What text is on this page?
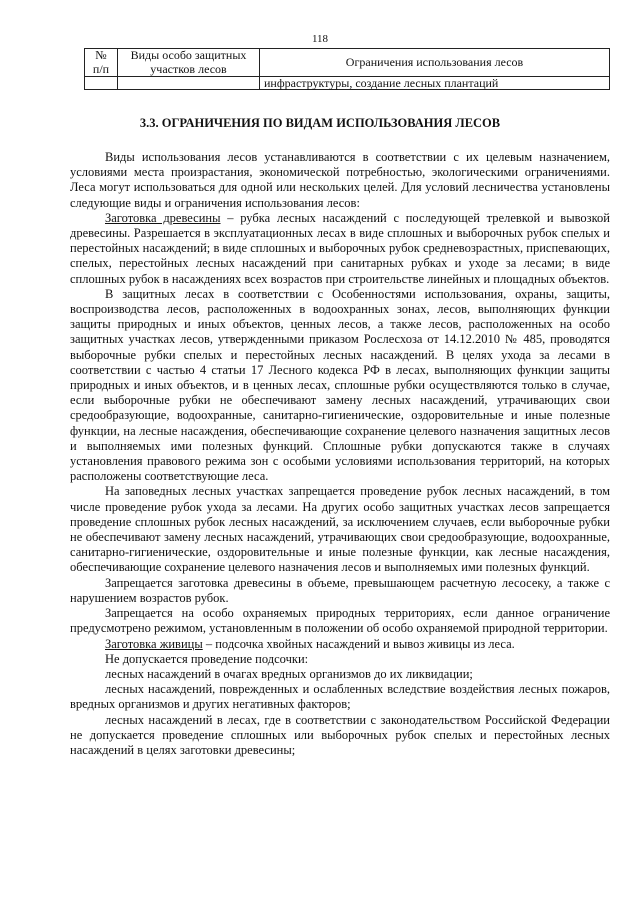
118
№ п/п	Виды особо защитных участков лесов	Ограничения использования лесов
		инфраструктуры, создание лесных плантаций
3.3. ОГРАНИЧЕНИЯ ПО ВИДАМ ИСПОЛЬЗОВАНИЯ ЛЕСОВ

Виды использования лесов устанавливаются в соответствии с их целевым назначением, условиями места произрастания, экономической потребностью, экологическими ограничениями. Леса могут использоваться для одной или нескольких целей. Для условий лесничества установлены следующие виды и ограничения использования лесов:

Заготовка древесины – рубка лесных насаждений с последующей трелевкой и вывозкой древесины. Разрешается в эксплуатационных лесах в виде сплошных и выборочных рубок спелых и перестойных насаждений; в виде сплошных и выборочных рубок средневозрастных, приспевающих, спелых, перестойных лесных насаждений при санитарных рубках и уходе за лесами; в виде сплошных рубок в насаждениях всех возрастов при строительстве линейных и площадных объектов.

В защитных лесах в соответствии с Особенностями использования, охраны, защиты, воспроизводства лесов, расположенных в водоохранных зонах, лесов, выполняющих функции защиты природных и иных объектов, ценных лесов, а также лесов, расположенных на особо защитных участках лесов, утвержденными приказом Рослесхоза от 14.12.2010 № 485, проводятся выборочные рубки спелых и перестойных лесных насаждений. В целях ухода за лесами в соответствии с частью 4 статьи 17 Лесного кодекса РФ в лесах, выполняющих функции защиты природных и иных объектов, и в ценных лесах, сплошные рубки осуществляются только в случае, если выборочные рубки не обеспечивают замену лесных насаждений, утрачивающих свои средообразующие, водоохранные, санитарно-гигиенические, оздоровительные и иные полезные функции, на лесные насаждения, обеспечивающие сохранение целевого назначения защитных лесов и выполняемых ими полезных функций. Сплошные рубки допускаются также в случаях установления правового режима зон с особыми условиями использования территорий, на которых расположены соответствующие леса.

На заповедных лесных участках запрещается проведение рубок лесных насаждений, в том числе проведение рубок ухода за лесами. На других особо защитных участках лесов запрещается проведение сплошных рубок лесных насаждений, за исключением случаев, если выборочные рубки не обеспечивают замену лесных насаждений, утрачивающих свои средообразующие, водоохранные, санитарно-гигиенические, оздоровительные и иные полезные функции, как лесные насаждения, обеспечивающие сохранение целевого назначения лесов и выполняемых ими полезных функций.

Запрещается заготовка древесины в объеме, превышающем расчетную лесосеку, а также с нарушением возрастов рубок.

Запрещается на особо охраняемых природных территориях, если данное ограничение предусмотрено режимом, установленным в положении об особо охраняемой природной территории.

Заготовка живицы – подсочка хвойных насаждений и вывоз живицы из леса.

Не допускается проведение подсочки:

лесных насаждений в очагах вредных организмов до их ликвидации;

лесных насаждений, поврежденных и ослабленных вследствие воздействия лесных пожаров, вредных организмов и других негативных факторов;

лесных насаждений в лесах, где в соответствии с законодательством Российской Федерации не допускается проведение сплошных или выборочных рубок спелых и перестойных лесных насаждений в целях заготовки древесины;
